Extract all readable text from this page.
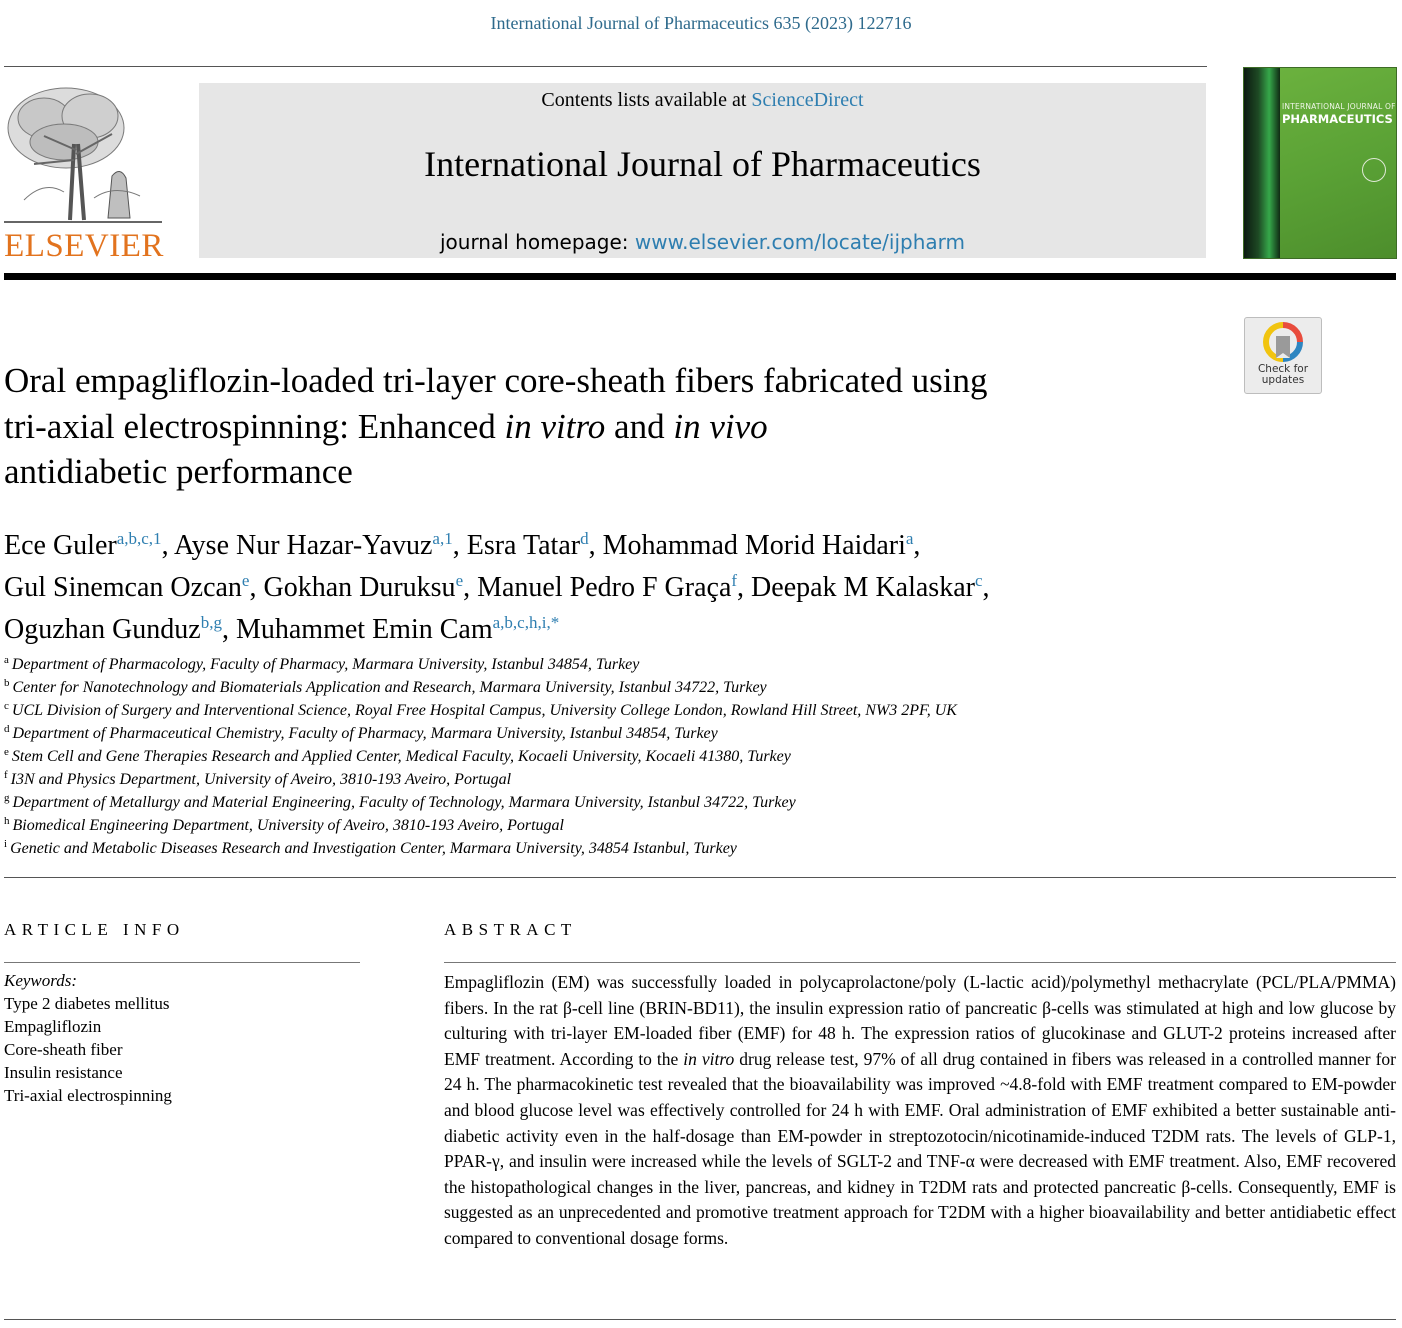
International Journal of Pharmaceutics 635 (2023) 122716
ELSEVIER
Contents lists available at ScienceDirect
International Journal of Pharmaceutics
journal homepage: www.elsevier.com/locate/ijpharm
INTERNATIONAL JOURNAL OF
PHARMACEUTICS
Check for
updates
Oral empagliflozin-loaded tri-layer core-sheath fibers fabricated using
tri-axial electrospinning: Enhanced in vitro and in vivo
antidiabetic performance
Ece Guler$^{a,b,c,1}$, Ayse Nur Hazar-Yavuz$^{a,1}$, Esra Tatar$^d$, Mohammad Morid Haidari$^a$,
Gul Sinemcan Ozcan$^e$, Gokhan Duruksu$^e$, Manuel Pedro F Graça$^f$, Deepak M Kalaskar$^c$,
Oguzhan Gunduz$^{b,g}$, Muhammet Emin Cam$^{a,b,c,h,i,*}$
$^a$ Department of Pharmacology, Faculty of Pharmacy, Marmara University, Istanbul 34854, Turkey
$^b$ Center for Nanotechnology and Biomaterials Application and Research, Marmara University, Istanbul 34722, Turkey
$^c$ UCL Division of Surgery and Interventional Science, Royal Free Hospital Campus, University College London, Rowland Hill Street, NW3 2PF, UK
$^d$ Department of Pharmaceutical Chemistry, Faculty of Pharmacy, Marmara University, Istanbul 34854, Turkey
$^e$ Stem Cell and Gene Therapies Research and Applied Center, Medical Faculty, Kocaeli University, Kocaeli 41380, Turkey
$^f$ I3N and Physics Department, University of Aveiro, 3810-193 Aveiro, Portugal
$^g$ Department of Metallurgy and Material Engineering, Faculty of Technology, Marmara University, Istanbul 34722, Turkey
$^h$ Biomedical Engineering Department, University of Aveiro, 3810-193 Aveiro, Portugal
$^i$ Genetic and Metabolic Diseases Research and Investigation Center, Marmara University, 34854 Istanbul, Turkey
ARTICLE INFO
Keywords:
Type 2 diabetes mellitus
Empagliflozin
Core-sheath fiber
Insulin resistance
Tri-axial electrospinning
ABSTRACT
Empagliflozin (EM) was successfully loaded in polycaprolactone/poly (L-lactic acid)/polymethyl methacrylate (PCL/PLA/PMMA) fibers. In the rat β-cell line (BRIN-BD11), the insulin expression ratio of pancreatic β-cells was stimulated at high and low glucose by culturing with tri-layer EM-loaded fiber (EMF) for 48 h. The expression ratios of glucokinase and GLUT-2 proteins increased after EMF treatment. According to the in vitro drug release test, 97% of all drug contained in fibers was released in a controlled manner for 24 h. The pharmacokinetic test revealed that the bioavailability was improved ~4.8-fold with EMF treatment compared to EM-powder and blood glucose level was effectively controlled for 24 h with EMF. Oral administration of EMF exhibited a better sustainable anti-diabetic activity even in the half-dosage than EM-powder in streptozotocin/nicotinamide-induced T2DM rats. The levels of GLP-1, PPAR-γ, and insulin were increased while the levels of SGLT-2 and TNF-α were decreased with EMF treatment. Also, EMF recovered the histopathological changes in the liver, pancreas, and kidney in T2DM rats and protected pancreatic β-cells. Consequently, EMF is suggested as an unprecedented and promotive treatment approach for T2DM with a higher bioavailability and better antidiabetic effect compared to conventional dosage forms.
